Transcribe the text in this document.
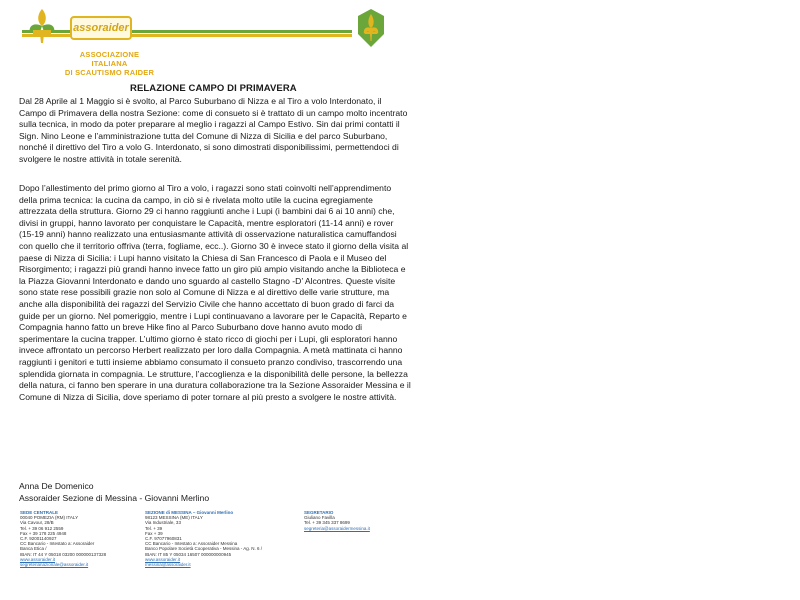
assoraider
ASSOCIAZIONE ITALIANA
DI SCAUTISMO RAIDER
RELAZIONE CAMPO DI PRIMAVERA

Dal 28 Aprile al 1 Maggio si è svolto, al Parco Suburbano di Nizza e al Tiro a volo Interdonato, il Campo di Primavera della nostra Sezione: come di consueto si è trattato di un campo molto incentrato sulla tecnica, in modo da poter preparare al meglio i ragazzi al Campo Estivo. Sin dai primi contatti il Sign. Nino Leone e l’amministrazione tutta del Comune di Nizza di Sicilia e del parco Suburbano, nonché il direttivo del Tiro a volo G. Interdonato, si sono dimostrati disponibilissimi, permettendoci di svolgere le nostre attività in totale serenità.

Dopo l’allestimento del primo giorno al Tiro a volo, i ragazzi sono stati coinvolti nell’apprendimento della prima tecnica: la cucina da campo, in ciò si è rivelata molto utile la cucina egregiamente attrezzata della struttura. Giorno 29 ci hanno raggiunti anche i Lupi (i bambini dai 6 ai 10 anni) che, divisi in gruppi, hanno lavorato per conquistare le Capacità, mentre esploratori (11-14 anni) e rover (15-19 anni) hanno realizzato una entusiasmante attività di osservazione naturalistica camuffandosi con quello che il territorio offriva (terra, fogliame, ecc..). Giorno 30 è invece stato il giorno della visita al paese di Nizza di Sicilia: i Lupi hanno visitato la Chiesa di San Francesco di Paola e il Museo del Risorgimento; i ragazzi più grandi hanno invece fatto un giro più ampio visitando anche la Biblioteca e la Piazza Giovanni Interdonato e dando uno sguardo al castello Stagno -D’ Alcontres. Queste visite sono state rese possibili grazie non solo al Comune di Nizza e al direttivo delle varie strutture, ma anche alla disponibilità dei ragazzi del Servizio Civile che hanno accettato di buon grado di farci da guide per un giorno. Nel pomeriggio, mentre i Lupi continuavano a lavorare per le Capacità, Reparto e Compagnia hanno fatto un breve Hike fino al Parco Suburbano dove hanno avuto modo di sperimentare la cucina trapper. L’ultimo giorno è stato ricco di giochi per i Lupi, gli esploratori hanno invece affrontato un percorso Herbert realizzato per loro dalla Compagnia. A metà mattinata ci hanno raggiunti i genitori e tutti insieme abbiamo consumato il consueto pranzo condiviso, trascorrendo una splendida giornata in compagnia. Le strutture, l’accoglienza e la disponibilità delle persone, la bellezza della natura, ci fanno ben sperare in una duratura collaborazione tra la Sezione Assoraider Messina e il Comune di Nizza di Sicilia, dove speriamo di poter tornare al più presto a svolgere le nostre attività.

Anna De Domenico
Assoraider Sezione di Messina - Giovanni Merlino
SEDE CENTRALE
00040 POMEZIA (RM) ITALY
Via Cavour, 28/B
Tel. + 39 06 912 2559
Fax + 39 178 225 4948
C.F. 92001140927
CC Bancario - Intestato a: Assoraider
Banca Etica /
IBAN: IT 44 Y 05018 03200 000000137328
www.assoraider.it
segreterianazionale@assoraider.it
SEZIONE di MESSINA – Giovanni Merlino
98123 MESSINA (ME) ITALY
Via Industriale, 33
Tel. + 39
Fax + 39
C.F. 97077960831
CC Bancario - Intestato a: Assoraider Messina
Banco Popolare Società Cooperativa - Messina - Ag. N. 6 /
IBAN: IT 85 Y 05034 16507 000000000945
www.assoraider.it
messina@assoraider.it
SEGRETARIO
Giuliano Favilla
Tel. + 39 345 337 8699
segreteria@assoraidermessina.it
